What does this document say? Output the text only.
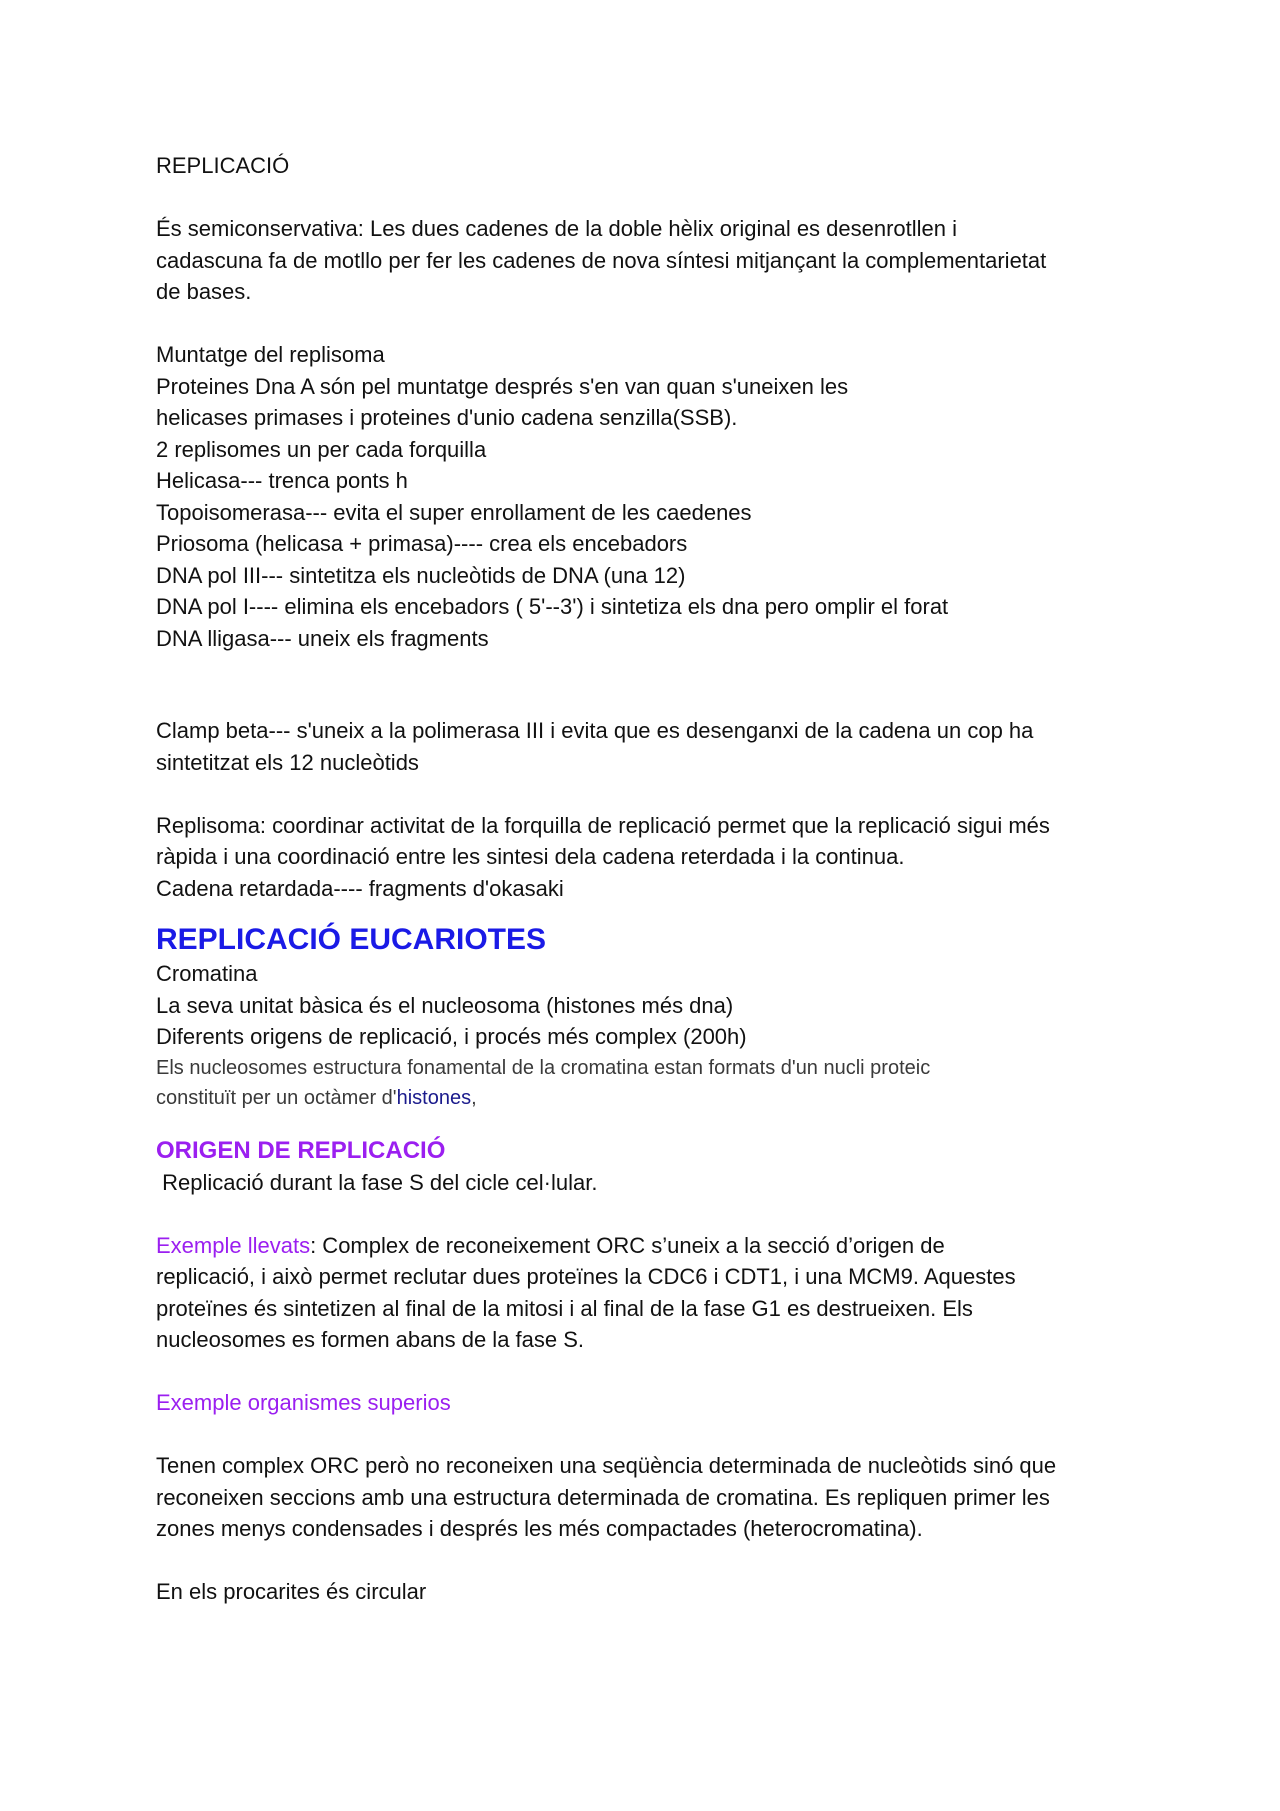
REPLICACIÓ
És semiconservativa: Les dues cadenes de la doble hèlix original es desenrotllen i
cadascuna fa de motllo per fer les cadenes de nova síntesi mitjançant la complementarietat
de bases.
Muntatge del replisoma
Proteines Dna A són pel muntatge després s'en van quan s'uneixen les
helicases primases i proteines d'unio cadena senzilla(SSB).
2 replisomes un per cada forquilla
Helicasa--- trenca ponts h
Topoisomerasa--- evita el super enrollament de les caedenes
Priosoma (helicasa + primasa)---- crea els encebadors
DNA pol III--- sintetitza els nucleòtids de DNA (una 12)
DNA pol I---- elimina els encebadors ( 5'--3') i sintetiza els dna pero omplir el forat
DNA lligasa--- uneix els fragments
Clamp beta--- s'uneix a la polimerasa III i evita que es desenganxi de la cadena un cop ha
sintetitzat els 12 nucleòtids
Replisoma: coordinar activitat de la forquilla de replicació permet que la replicació sigui més
ràpida i una coordinació entre les sintesi dela cadena reterdada i la continua.
Cadena retardada---- fragments d'okasaki
REPLICACIÓ EUCARIOTES
Cromatina
La seva unitat bàsica és el nucleosoma (histones més dna)
Diferents origens de replicació, i procés més complex (200h)
Els nucleosomes estructura fonamental de la cromatina estan formats d'un nucli proteic
constituït per un octàmer d'histones,
ORIGEN DE REPLICACIÓ
Replicació durant la fase S del cicle cel·lular.
Exemple llevats: Complex de reconeixement ORC s’uneix a la secció d’origen de
replicació, i això permet reclutar dues proteïnes la CDC6 i CDT1, i una MCM9. Aquestes
proteïnes és sintetizen al final de la mitosi i al final de la fase G1 es destrueixen. Els
nucleosomes es formen abans de la fase S.
Exemple organismes superios
Tenen complex ORC però no reconeixen una seqüència determinada de nucleòtids sinó que
reconeixen seccions amb una estructura determinada de cromatina. Es repliquen primer les
zones menys condensades i després les més compactades (heterocromatina).
En els procarites és circular
